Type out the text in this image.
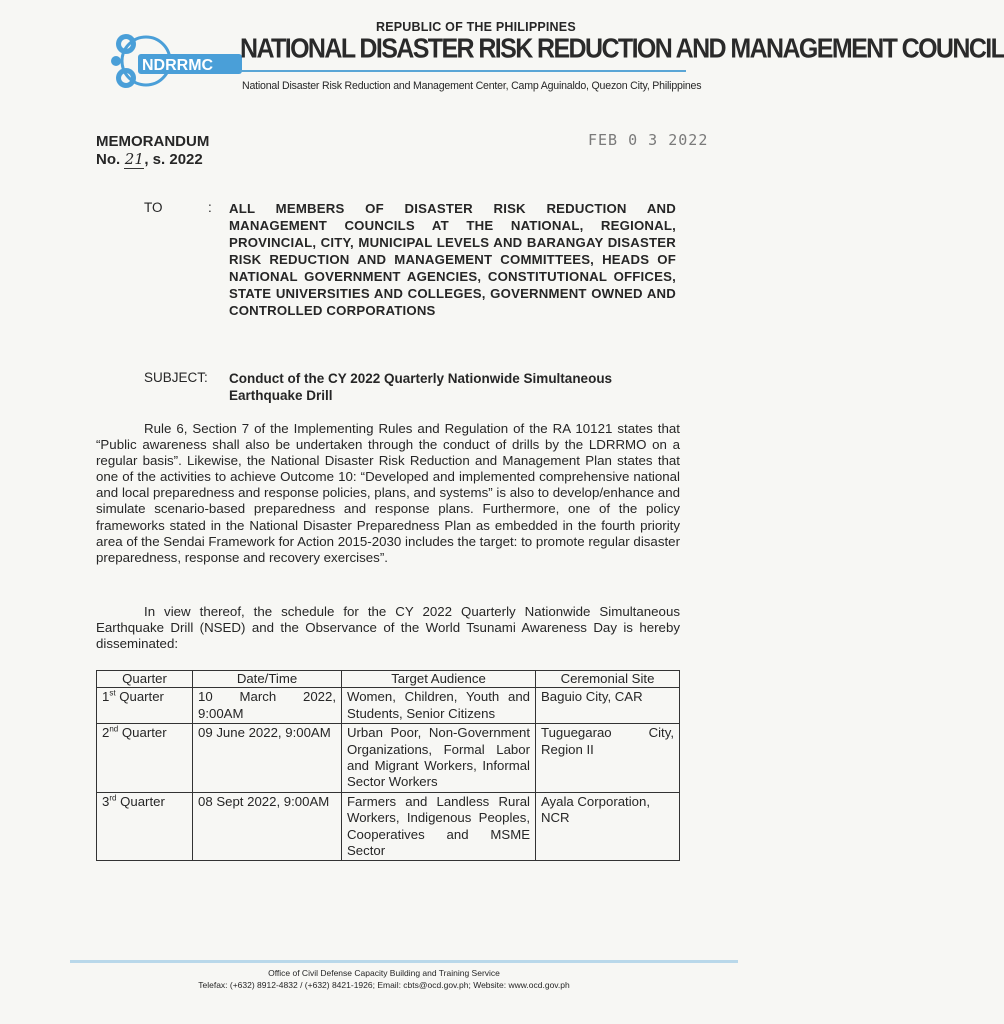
NDRRMC
REPUBLIC OF THE PHILIPPINES
NATIONAL DISASTER RISK REDUCTION AND MANAGEMENT COUNCIL
National Disaster Risk Reduction and Management Center, Camp Aguinaldo, Quezon City, Philippines
MEMORANDUM
No. 21, s. 2022
FEB 0 3 2022
TO	: ALL MEMBERS OF DISASTER RISK REDUCTION AND MANAGEMENT COUNCILS AT THE NATIONAL, REGIONAL, PROVINCIAL, CITY, MUNICIPAL LEVELS AND BARANGAY DISASTER RISK REDUCTION AND MANAGEMENT COMMITTEES, HEADS OF NATIONAL GOVERNMENT AGENCIES, CONSTITUTIONAL OFFICES, STATE UNIVERSITIES AND COLLEGES, GOVERNMENT OWNED AND CONTROLLED CORPORATIONS
SUBJECT: Conduct of the CY 2022 Quarterly Nationwide Simultaneous Earthquake Drill
Rule 6, Section 7 of the Implementing Rules and Regulation of the RA 10121 states that “Public awareness shall also be undertaken through the conduct of drills by the LDRRMO on a regular basis”. Likewise, the National Disaster Risk Reduction and Management Plan states that one of the activities to achieve Outcome 10: “Developed and implemented comprehensive national and local preparedness and response policies, plans, and systems” is also to develop/enhance and simulate scenario-based preparedness and response plans. Furthermore, one of the policy frameworks stated in the National Disaster Preparedness Plan as embedded in the fourth priority area of the Sendai Framework for Action 2015-2030 includes the target: to promote regular disaster preparedness, response and recovery exercises”.
In view thereof, the schedule for the CY 2022 Quarterly Nationwide Simultaneous Earthquake Drill (NSED) and the Observance of the World Tsunami Awareness Day is hereby disseminated:
Quarter	Date/Time	Target Audience	Ceremonial Site
1st Quarter	10 March 2022, 9:00AM	Women, Children, Youth and Students, Senior Citizens	Baguio City, CAR
2nd Quarter	09 June 2022, 9:00AM	Urban Poor, Non-Government Organizations, Formal Labor and Migrant Workers, Informal Sector Workers	Tuguegarao City, Region II
3rd Quarter	08 Sept 2022, 9:00AM	Farmers and Landless Rural Workers, Indigenous Peoples, Cooperatives and MSME Sector	Ayala Corporation, NCR
Office of Civil Defense Capacity Building and Training Service
Telefax: (+632) 8912-4832 / (+632) 8421-1926; Email: cbts@ocd.gov.ph; Website: www.ocd.gov.ph
